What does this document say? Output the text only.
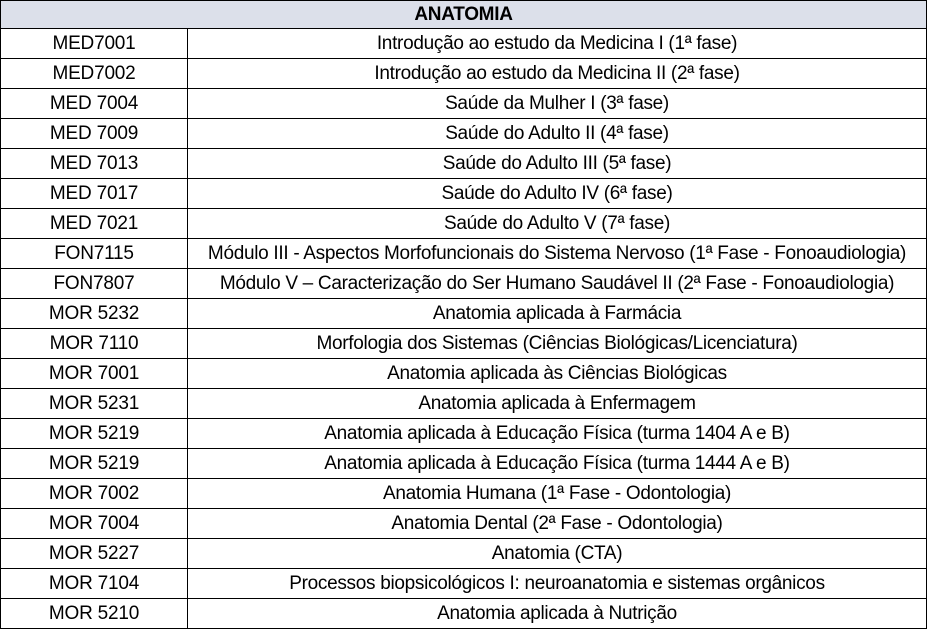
ANATOMIA	
MED7001	Introdução ao estudo da Medicina I (1ª fase)
MED7002	Introdução ao estudo da Medicina II (2ª fase)
MED 7004	Saúde da Mulher I (3ª fase)
MED 7009	Saúde do Adulto II (4ª fase)
MED 7013	Saúde do Adulto III (5ª fase)
MED 7017	Saúde do Adulto IV (6ª fase)
MED 7021	Saúde do Adulto V (7ª fase)
FON7115	Módulo III - Aspectos Morfofuncionais do Sistema Nervoso (1ª Fase - Fonoaudiologia)
FON7807	Módulo V – Caracterização do Ser Humano Saudável II (2ª Fase - Fonoaudiologia)
MOR 5232	Anatomia aplicada à Farmácia
MOR 7110	Morfologia dos Sistemas (Ciências Biológicas/Licenciatura)
MOR 7001	Anatomia aplicada às Ciências Biológicas
MOR 5231	Anatomia aplicada à Enfermagem
MOR 5219	Anatomia aplicada à Educação Física (turma 1404 A e B)
MOR 5219	Anatomia aplicada à Educação Física (turma 1444 A e B)
MOR 7002	Anatomia Humana (1ª Fase - Odontologia)
MOR 7004	Anatomia Dental (2ª Fase - Odontologia)
MOR 5227	Anatomia (CTA)
MOR 7104	Processos biopsicológicos I: neuroanatomia e sistemas orgânicos
MOR 5210	Anatomia aplicada à Nutrição
